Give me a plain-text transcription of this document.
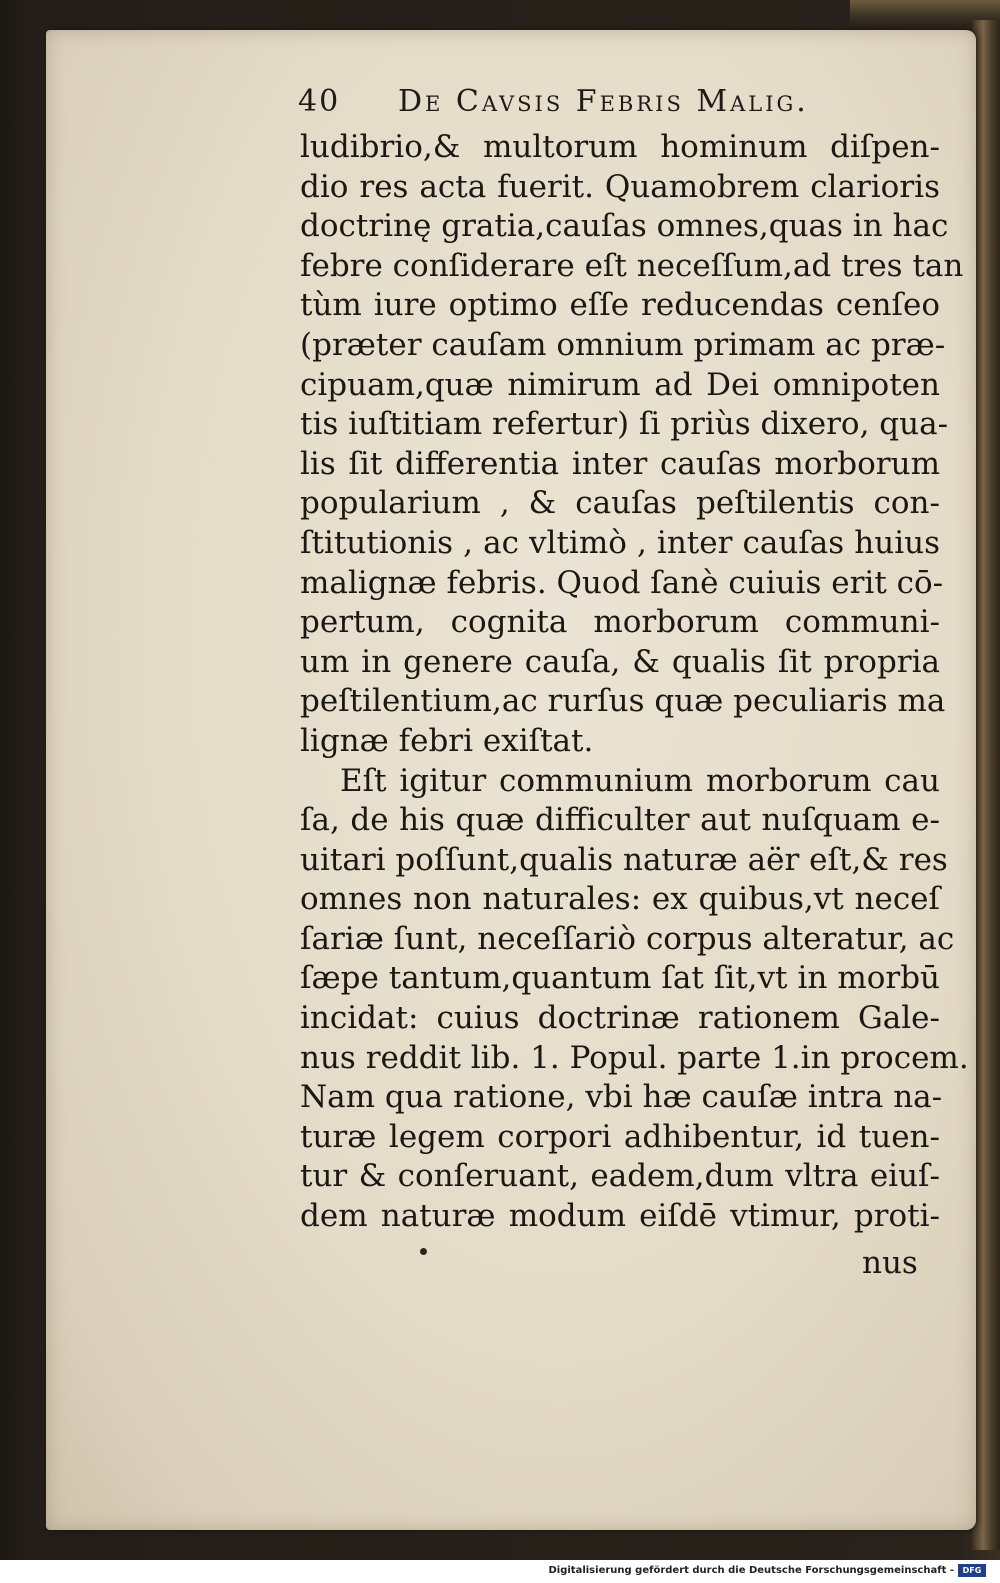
40 De Cavsis Febris Malig.
ludibrio,& multorum hominum diſpen-
dio res acta fuerit. Quamobrem clarioris
doctrinę gratia,cauſas omnes,quas in hac
febre conſiderare eſt neceſſum,ad tres tan
tùm iure optimo eſſe reducendas cenſeo
(præter cauſam omnium primam ac præ-
cipuam,quæ nimirum ad Dei omnipoten
tis iuſtitiam refertur) ſi priùs dixero, qua-
lis ſit differentia inter cauſas morborum
popularium , & cauſas peſtilentis con-
ſtitutionis , ac vltimò , inter cauſas huius
malignæ febris. Quod ſanè cuiuis erit cō-
pertum, cognita morborum communi-
um in genere cauſa, & qualis ſit propria
peſtilentium,ac rurſus quæ peculiaris ma
lignæ febri exiſtat.
Eſt igitur communium morborum cau
ſa, de his quæ difficulter aut nuſquam e-
uitari poſſunt,qualis naturæ aër eſt,& res
omnes non naturales: ex quibus,vt neceſ
ſariæ ſunt, neceſſariò corpus alteratur, ac
ſæpe tantum,quantum ſat ſit,vt in morbū
incidat: cuius doctrinæ rationem Gale-
nus reddit lib. 1. Popul. parte 1.in procem.
Nam qua ratione, vbi hæ cauſæ intra na-
turæ legem corpori adhibentur, id tuen-
tur & conſeruant, eadem,dum vltra eiuſ-
dem naturæ modum eiſdē vtimur, proti-
nus
Digitalisierung gefördert durch die Deutsche Forschungsgemeinschaft -	DFG
